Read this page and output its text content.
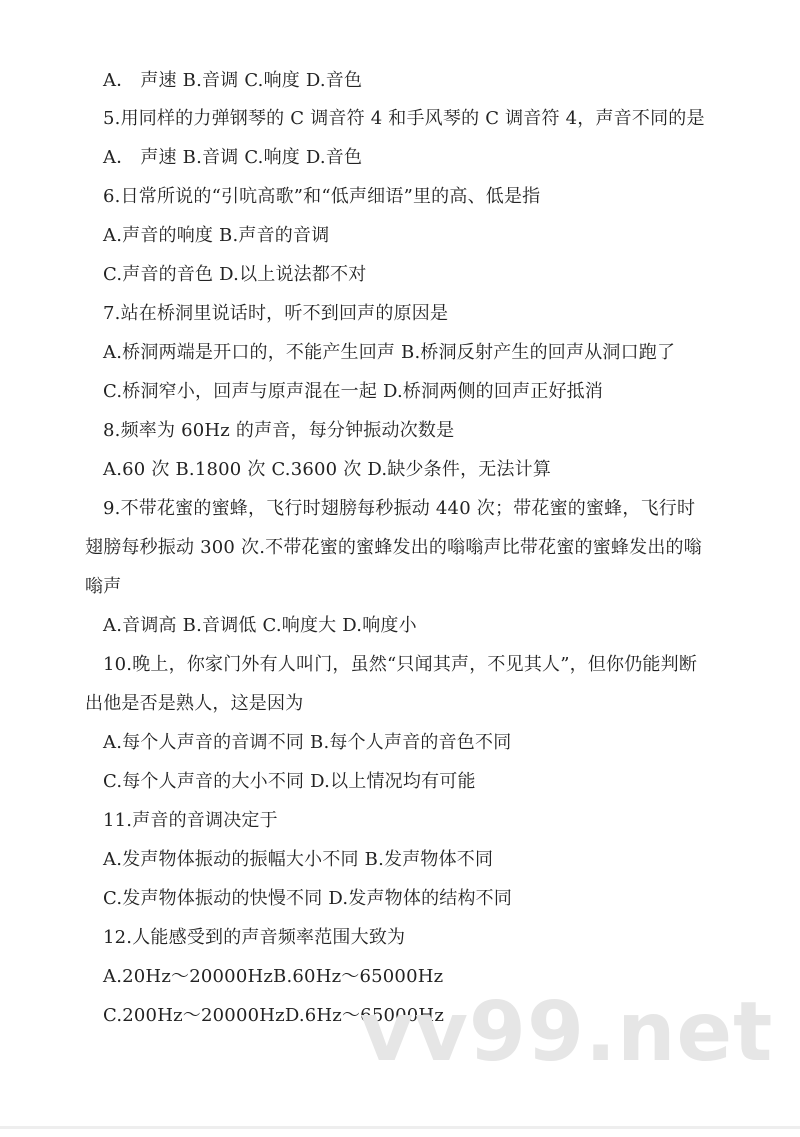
A． 声速 B.音调 C.响度 D.音色
5.用同样的力弹钢琴的 C 调音符 4 和手风琴的 C 调音符 4，声音不同的是
A． 声速 B.音调 C.响度 D.音色
6.日常所说的“引吭高歌”和“低声细语”里的高、低是指
A.声音的响度 B.声音的音调
C.声音的音色 D.以上说法都不对
7.站在桥洞里说话时，听不到回声的原因是
A.桥洞两端是开口的，不能产生回声 B.桥洞反射产生的回声从洞口跑了
C.桥洞窄小，回声与原声混在一起 D.桥洞两侧的回声正好抵消
8.频率为 60Hz 的声音，每分钟振动次数是
A.60 次 B.1800 次 C.3600 次 D.缺少条件，无法计算
9.不带花蜜的蜜蜂，飞行时翅膀每秒振动 440 次；带花蜜的蜜蜂，飞行时
翅膀每秒振动 300 次.不带花蜜的蜜蜂发出的嗡嗡声比带花蜜的蜜蜂发出的嗡
嗡声
A.音调高 B.音调低 C.响度大 D.响度小
10.晚上，你家门外有人叫门，虽然“只闻其声，不见其人”，但你仍能判断
出他是否是熟人，这是因为
A.每个人声音的音调不同 B.每个人声音的音色不同
C.每个人声音的大小不同 D.以上情况均有可能
11.声音的音调决定于
A.发声物体振动的振幅大小不同 B.发声物体不同
C.发声物体振动的快慢不同 D.发声物体的结构不同
12.人能感受到的声音频率范围大致为
A.20Hz～20000HzB.60Hz～65000Hz
C.200Hz～20000HzD.6Hz～65000Hz
vv99.net
